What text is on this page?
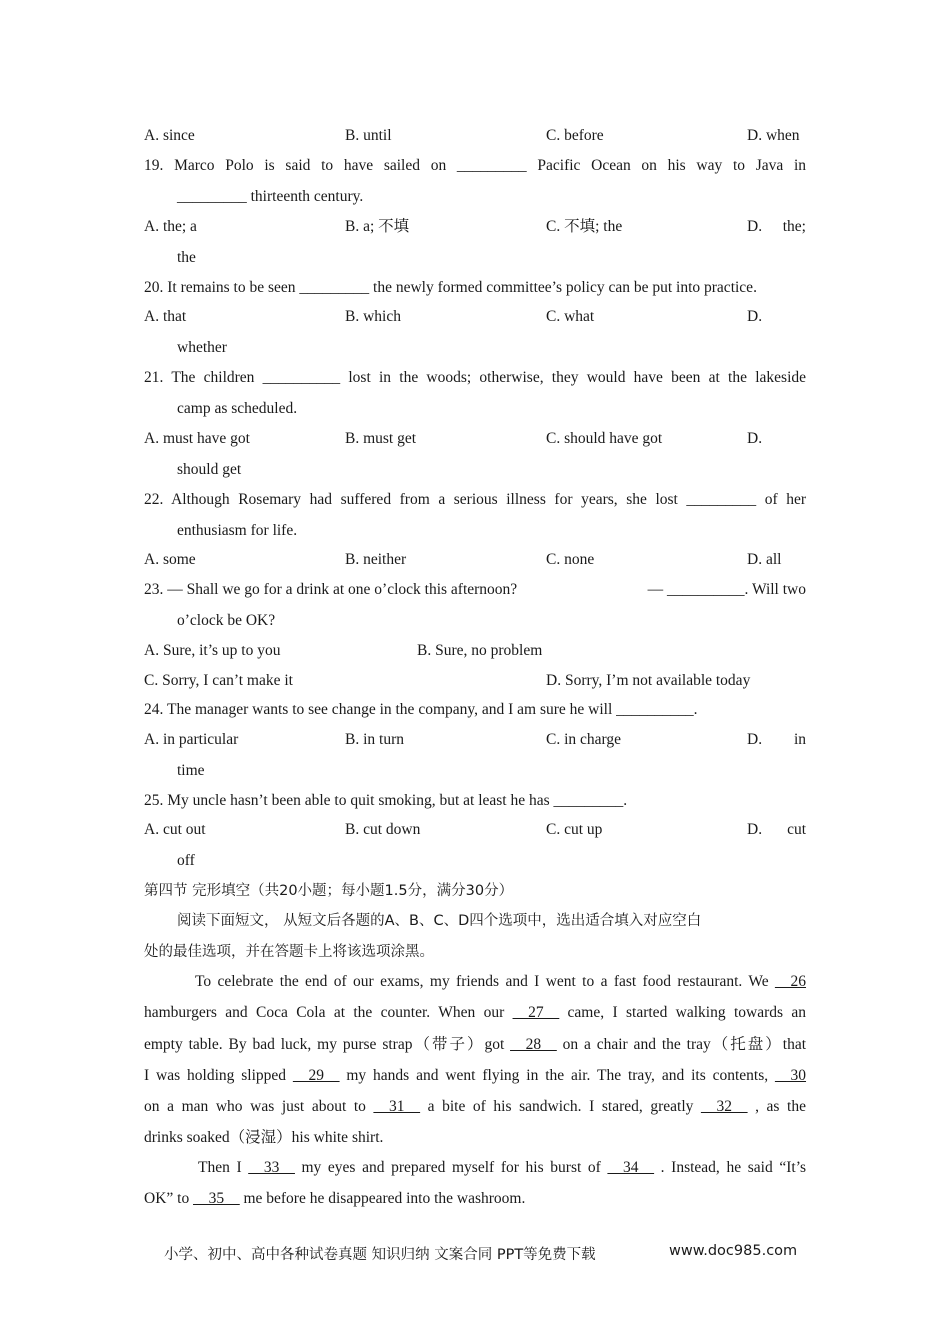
A. since	B. until	C. before	D. when
19. Marco Polo is said to have sailed on _________ Pacific Ocean on his way to Java in
_________ thirteenth century.
A. the; a	B. a; 不填	C. 不填; the	D. the;
the
20. It remains to be seen _________ the newly formed committee’s policy can be put into practice.
A. that	B. which	C. what	D.
whether
21. The children __________ lost in the woods; otherwise, they would have been at the lakeside
camp as scheduled.
A. must have got	B. must get	C. should have got	D.
should get
22. Although Rosemary had suffered from a serious illness for years, she lost _________ of her
enthusiasm for life.
A. some	B. neither	C. none	D. all
23. — Shall we go for a drink at one o’clock this afternoon?	— __________. Will two
o’clock be OK?
A. Sure, it’s up to you	B. Sure, no problem
C. Sorry, I can’t make it	D. Sorry, I’m not available today
24. The manager wants to see change in the company, and I am sure he will __________.
A. in particular	B. in turn	C. in charge	D. in
time
25. My uncle hasn’t been able to quit smoking, but at least he has _________.
A. cut out	B. cut down	C. cut up	D. cut
off
第四节 完形填空（共20小题；每小题1.5分，满分30分）
阅读下面短文， 从短文后各题的A、B、C、D四个选项中，选出适合填入对应空白
处的最佳选项，并在答题卡上将该选项涂黑。
To celebrate the end of our exams, my friends and I went to a fast food restaurant. We __26
hamburgers and Coca Cola at the counter. When our __27__ came, I started walking towards an
empty table. By bad luck, my purse strap（带子）got __28__ on a chair and the tray（托盘）that
I was holding slipped __29__ my hands and went flying in the air. The tray, and its contents, __30
on a man who was just about to __31__ a bite of his sandwich. I stared, greatly __32__ , as the
drinks soaked（浸湿）his white shirt.
Then I __33__ my eyes and prepared myself for his burst of __34__ . Instead, he said “It’s
OK” to __35__ me before he disappeared into the washroom.
小学、初中、高中各种试卷真题 知识归纳 文案合同 PPT等免费下载	www.doc985.com
